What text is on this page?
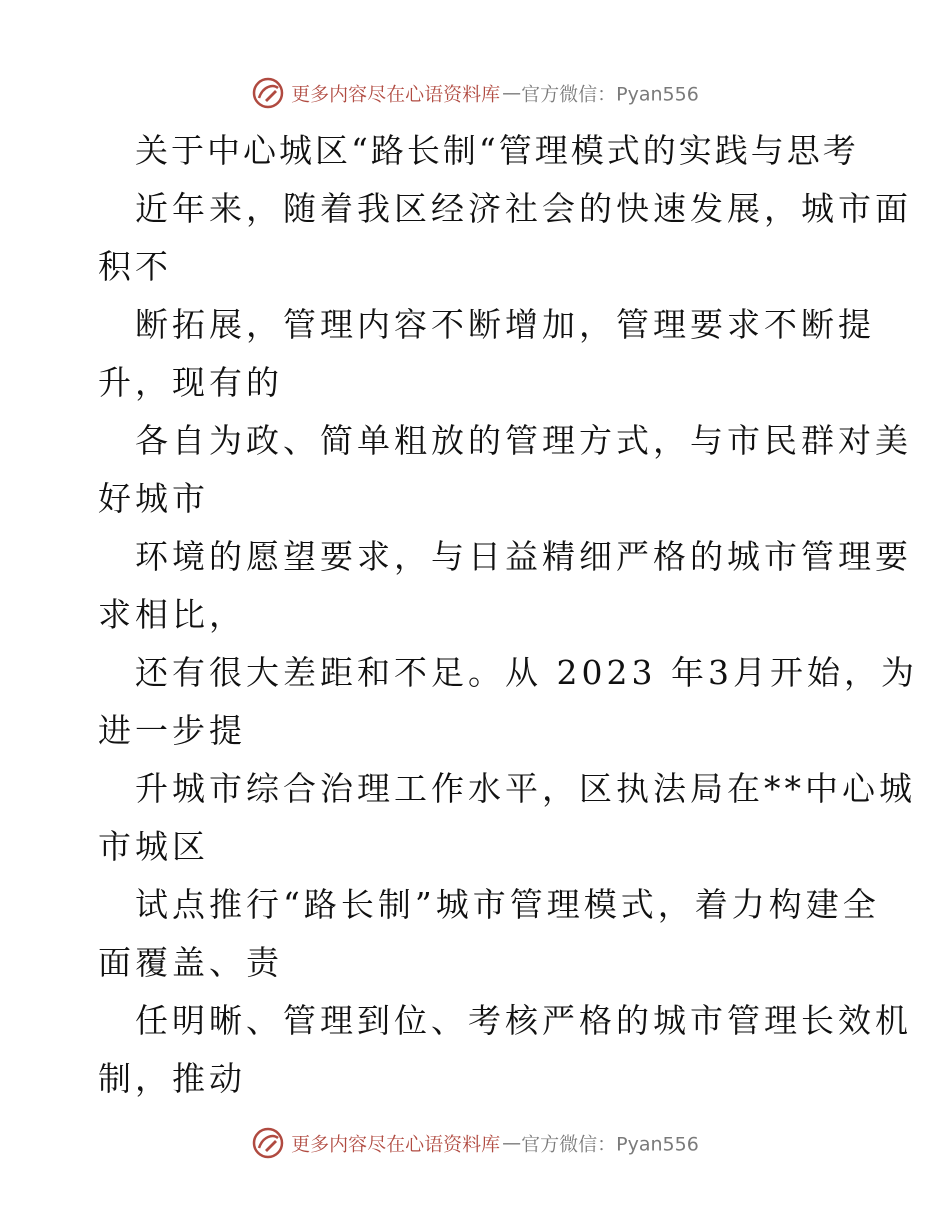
更多内容尽在心语资料库 —官方微信：Pyan556
关于中心城区“路长制“管理模式的实践与思考
近年来，随着我区经济社会的快速发展，城市面
积不
断拓展，管理内容不断增加，管理要求不断提
升，现有的
各自为政、简单粗放的管理方式，与市民群对美
好城市
环境的愿望要求，与日益精细严格的城市管理要
求相比，
还有很大差距和不足。从 2023 年3月开始，为
进一步提
升城市综合治理工作水平，区执法局在**中心城
市城区
试点推行“路长制”城市管理模式，着力构建全
面覆盖、责
任明晰、管理到位、考核严格的城市管理长效机
制，推动
更多内容尽在心语资料库 —官方微信：Pyan556
